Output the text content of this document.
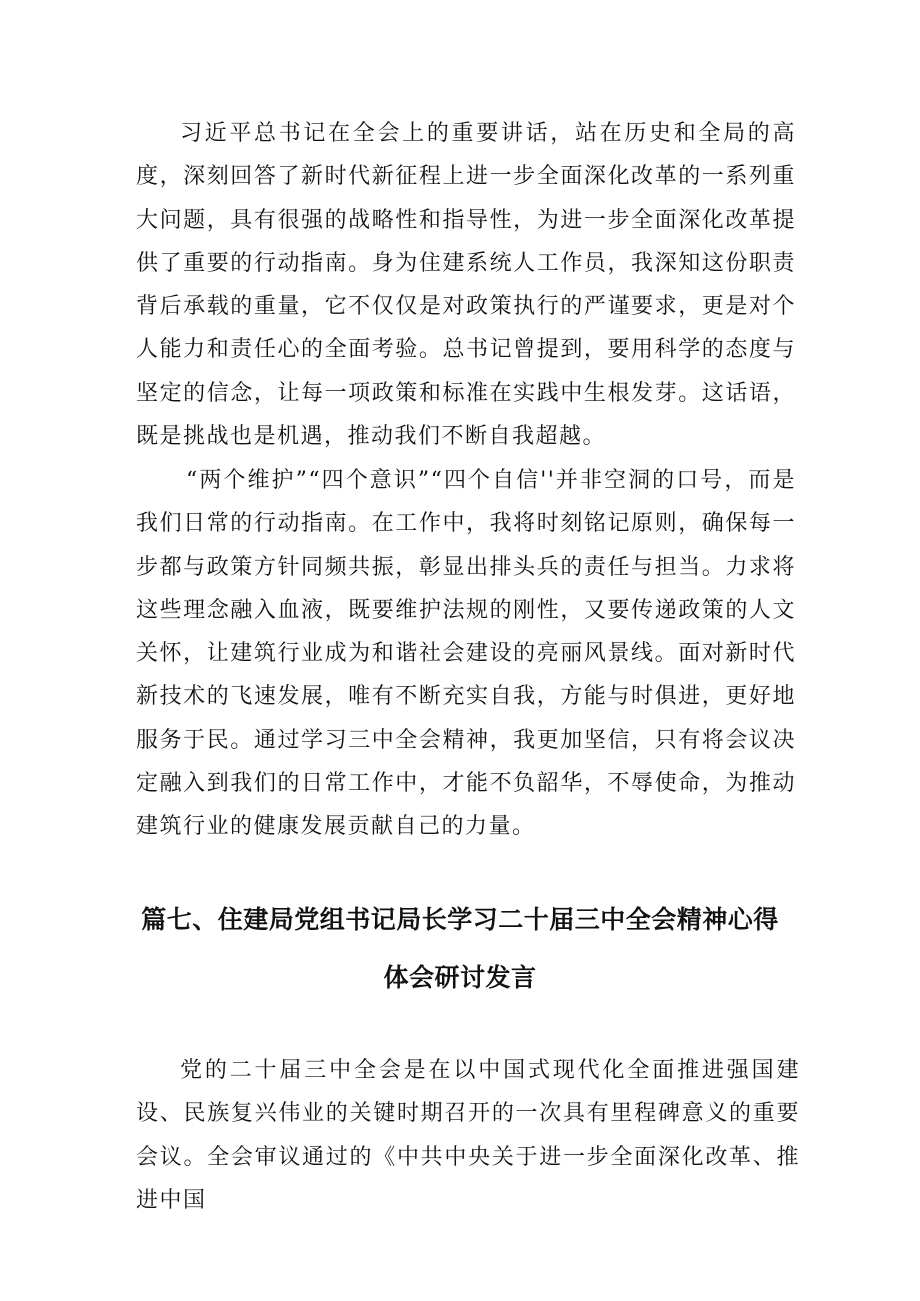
习近平总书记在全会上的重要讲话，站在历史和全局的高度，深刻回答了新时代新征程上进一步全面深化改革的一系列重大问题，具有很强的战略性和指导性，为进一步全面深化改革提供了重要的行动指南。身为住建系统人工作员，我深知这份职责背后承载的重量，它不仅仅是对政策执行的严谨要求，更是对个人能力和责任心的全面考验。总书记曾提到，要用科学的态度与坚定的信念，让每一项政策和标准在实践中生根发芽。这话语，既是挑战也是机遇，推动我们不断自我超越。

“两个维护”“四个意识”“四个自信''并非空洞的口号，而是我们日常的行动指南。在工作中，我将时刻铭记原则，确保每一步都与政策方针同频共振，彰显出排头兵的责任与担当。力求将这些理念融入血液，既要维护法规的刚性，又要传递政策的人文关怀，让建筑行业成为和谐社会建设的亮丽风景线。面对新时代新技术的飞速发展，唯有不断充实自我，方能与时俱进，更好地服务于民。通过学习三中全会精神，我更加坚信，只有将会议决定融入到我们的日常工作中，才能不负韶华，不辱使命，为推动建筑行业的健康发展贡献自己的力量。

篇七、住建局党组书记局长学习二十届三中全会精神心得
体会研讨发言

党的二十届三中全会是在以中国式现代化全面推进强国建设、民族复兴伟业的关键时期召开的一次具有里程碑意义的重要会议。全会审议通过的《中共中央关于进一步全面深化改革、推进中国
